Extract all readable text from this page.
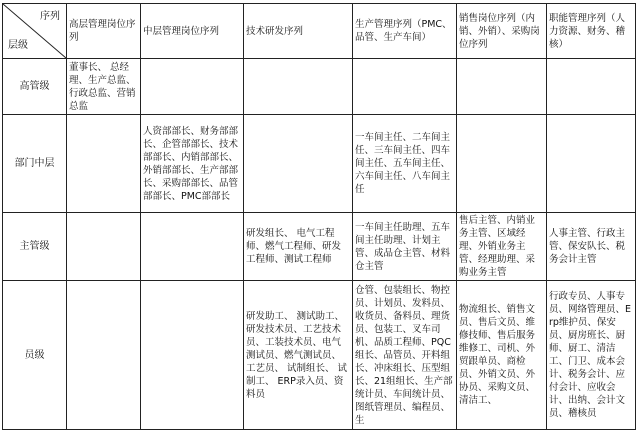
序列
层级	高层管理岗位序列	中层管理岗位序列	技术研发序列	生产管理序列（PMC、品管、生产车间）	销售岗位序列（内销、外销）、采购岗位序列	职能管理序列（人力资源、财务、稽核）
高管级	董事长、 总经理、生产总监、行政总监、营销总监					
部门中层		人资部部长、财务部部长、企管部部长、技术部部长、内销部部长、外销部部长、生产部部长、采购部部长、品管部部长、PMC部部长		一车间主任、二车间主任、三车间主任、四车间主任、五车间主任、六车间主任、八车间主任		
主管级			研发组长、 电气工程师、燃气工程师、研发工程师、测试工程师	一车间主任助理、五车间主任助理、计划主管、成品仓主管、材料仓主管	售后主管、内销业务主管、区域经理、外销业务主管、经理助理、采购业务主管	人事主管、行政主管、保安队长、税务会计主管
员级			研发助工、 测试助工、 研发技术员、工艺技术员、工装技术员、电气测试员、燃气测试员、工艺员、 试制组长、 试制工、 ERP录入员、资料员	仓管、包装组长、物控员、计划员、发料员、收货员、备料员、理货员、包装工、叉车司机、品质工程师、PQC组长、品管员、开料组长、冲床组长、压型组长、21组组长、生产部统计员、车间统计员、图纸管理员、编程员、生	物流组长、销售文员、售后文员、维修技师、售后服务维修工、司机、外贸跟单员、商检员、外销文员、外协员、采购文员、清洁工、	行政专员、人事专员、网络管理员、Erp维护员、保安员、厨房班长、厨师、厨工、清洁工、门卫、成本会计、税务会计、应付会计、应收会计、出纳、会计文员、稽核员
